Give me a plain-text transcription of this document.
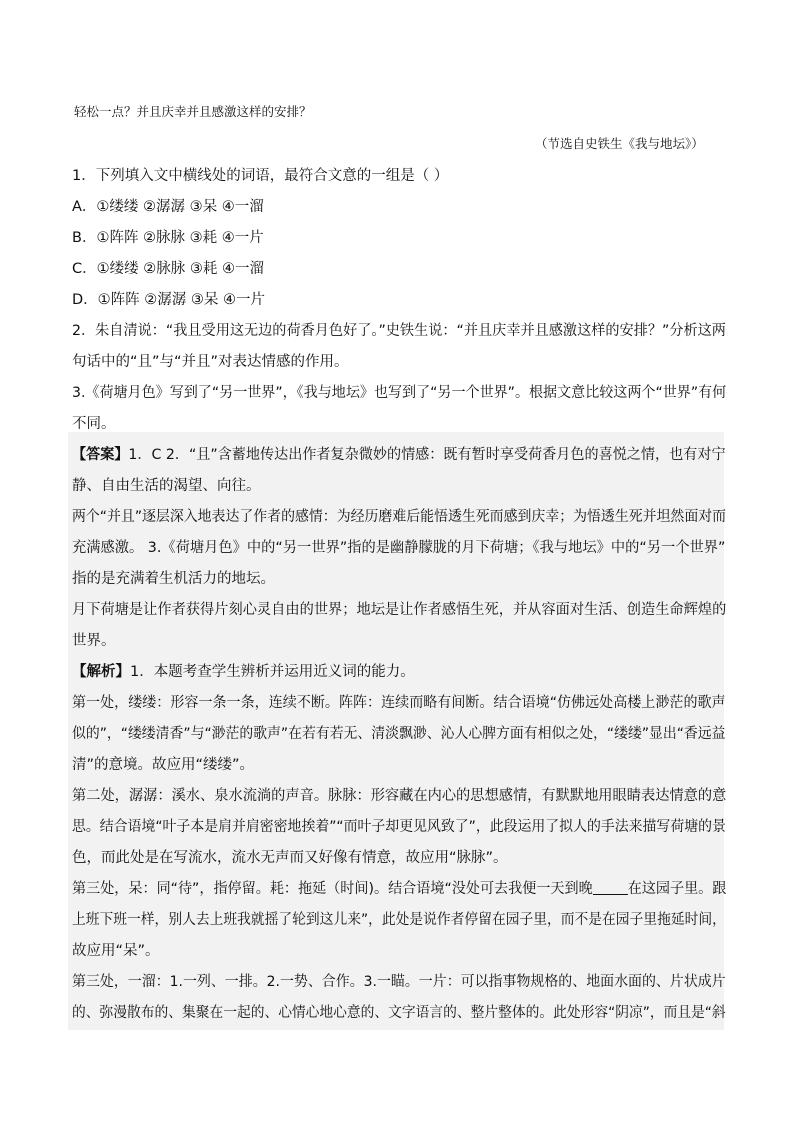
轻松一点？并且庆幸并且感激这样的安排？
（节选自史铁生《我与地坛》）
1．下列填入文中横线处的词语，最符合文意的一组是（ ）
A．①缕缕 ②潺潺 ③呆 ④一溜
B．①阵阵 ②脉脉 ③耗 ④一片
C．①缕缕 ②脉脉 ③耗 ④一溜
D．①阵阵 ②潺潺 ③呆 ④一片
2．朱自清说：“我且受用这无边的荷香月色好了。”史铁生说：“并且庆幸并且感激这样的安排？”分析这两
句话中的“且”与“并且”对表达情感的作用。
3.《荷塘月色》写到了“另一世界”，《我与地坛》也写到了“另一个世界”。根据文意比较这两个“世界”有何
不同。
【答案】1．C 2．“且”含蓄地传达出作者复杂微妙的情感：既有暂时享受荷香月色的喜悦之情，也有对宁
静、自由生活的渴望、向往。
两个“并且”逐层深入地表达了作者的感情：为经历磨难后能悟透生死而感到庆幸；为悟透生死并坦然面对而
充满感激。 3.《荷塘月色》中的“另一世界”指的是幽静朦胧的月下荷塘；《我与地坛》中的“另一个世界”
指的是充满着生机活力的地坛。
月下荷塘是让作者获得片刻心灵自由的世界；地坛是让作者感悟生死，并从容面对生活、创造生命辉煌的
世界。
【解析】1．本题考查学生辨析并运用近义词的能力。
第一处，缕缕：形容一条一条，连续不断。阵阵：连续而略有间断。结合语境“仿佛远处高楼上渺茫的歌声
似的”，“缕缕清香”与“渺茫的歌声”在若有若无、清淡飘渺、沁人心脾方面有相似之处，“缕缕”显出“香远益
清”的意境。故应用“缕缕”。
第二处，潺潺：溪水、泉水流淌的声音。脉脉：形容藏在内心的思想感情，有默默地用眼睛表达情意的意
思。结合语境“叶子本是肩并肩密密地挨着”“而叶子却更见风致了”，此段运用了拟人的手法来描写荷塘的景
色，而此处是在写流水，流水无声而又好像有情意，故应用“脉脉”。
第三处，呆：同“待”，指停留。耗：拖延（时间)。结合语境“没处可去我便一天到晚 在这园子里。跟
上班下班一样，别人去上班我就摇了轮到这儿来”，此处是说作者停留在园子里，而不是在园子里拖延时间，
故应用“呆”。
第三处，一溜：1.一列、一排。2.一势、合作。3.一瞄。一片：可以指事物规格的、地面水面的、片状成片
的、弥漫散布的、集聚在一起的、心情心地心意的、文字语言的、整片整体的。此处形容“阴凉”，而且是“斜
